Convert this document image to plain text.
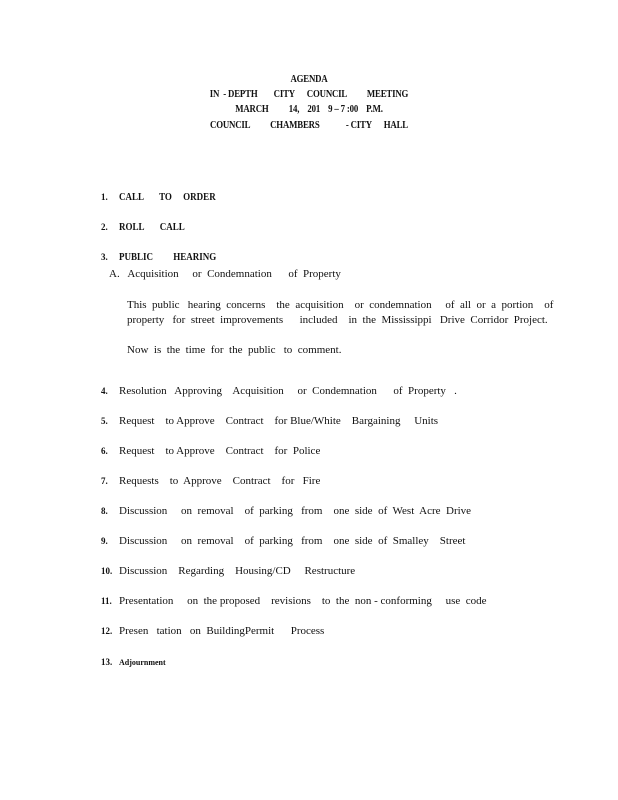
AGENDA
IN  - DEPTH        CITY      COUNCIL          MEETING
MARCH          14,    201    9 – 7 :00    P.M.
COUNCIL          CHAMBERS             - CITY      HALL

1. CALL       TO     ORDER

2. ROLL       CALL

3. PUBLIC         HEARING

A.   Acquisition     or  Condemnation      of  Property
This  public   hearing  concerns    the  acquisition    or  condemnation     of  all  or  a  portion    of
property   for  street  improvements      included    in  the  Mississippi   Drive  Corridor  Project.
Now  is  the  time  for  the  public   to  comment.

4. Resolution   Approving    Acquisition     or  Condemnation      of  Property   .

5. Request    to Approve    Contract    for Blue/White    Bargaining     Units

6. Request    to Approve    Contract    for  Police

7. Requests    to  Approve    Contract    for   Fire

8. Discussion     on  removal    of  parking   from    one  side  of  West  Acre  Drive

9. Discussion     on  removal    of  parking   from    one  side  of  Smalley    Street

10. Discussion    Regarding    Housing/CD     Restructure

11. Presentation     on  the proposed    revisions    to  the  non - conforming     use  code

12. Presen   tation   on  BuildingPermit      Process

13. Adjournment
